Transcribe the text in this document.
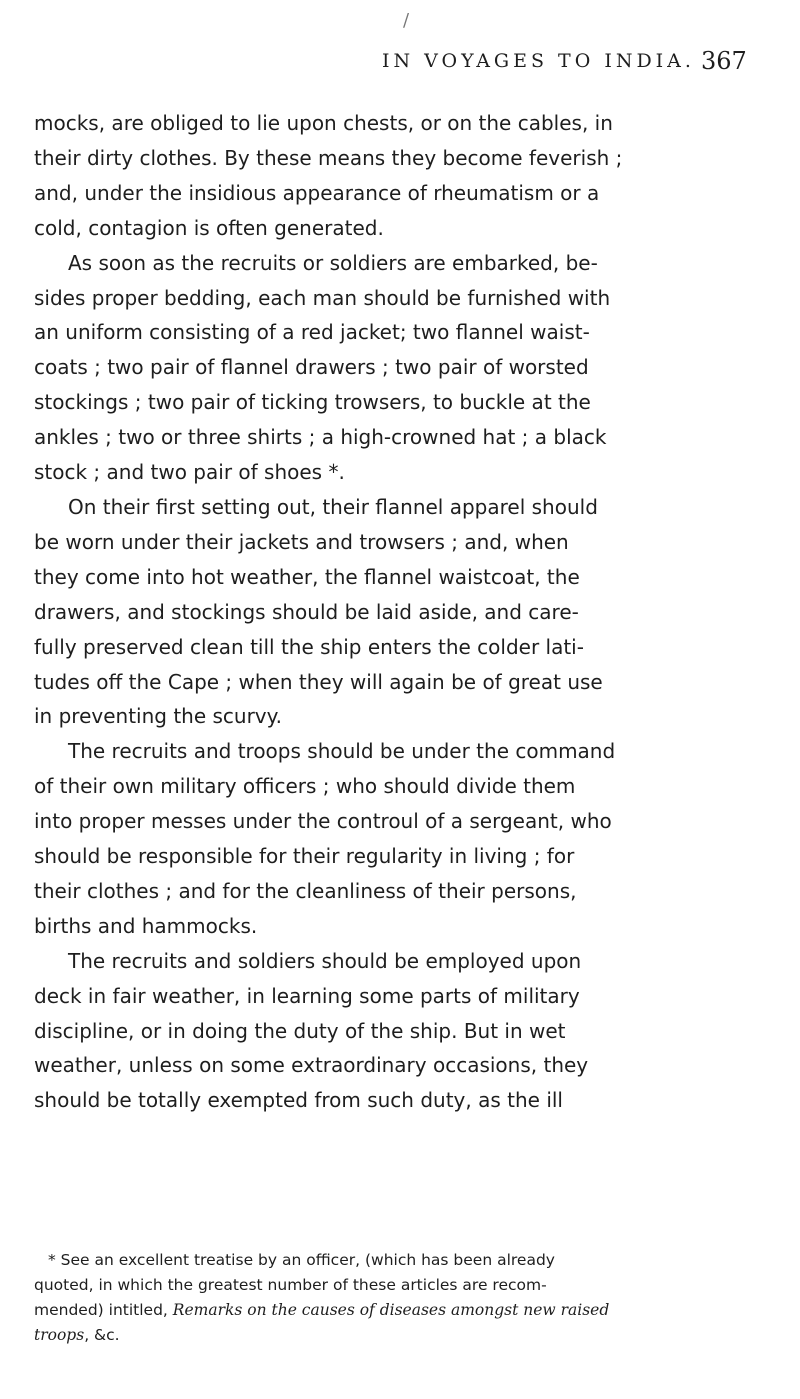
/
IN VOYAGES TO INDIA. 367
mocks, are obliged to lie upon chests, or on the cables, in
their dirty clothes. By these means they become feverish ;
and, under the insidious appearance of rheumatism or a
cold, contagion is often generated.
As soon as the recruits or soldiers are embarked, be-
sides proper bedding, each man should be furnished with
an uniform consisting of a red jacket; two flannel waist-
coats ; two pair of flannel drawers ; two pair of worsted
stockings ; two pair of ticking trowsers, to buckle at the
ankles ; two or three shirts ; a high-crowned hat ; a black
stock ; and two pair of shoes *.
On their first setting out, their flannel apparel should
be worn under their jackets and trowsers ; and, when
they come into hot weather, the flannel waistcoat, the
drawers, and stockings should be laid aside, and care-
fully preserved clean till the ship enters the colder lati-
tudes off the Cape ; when they will again be of great use
in preventing the scurvy.
The recruits and troops should be under the command
of their own military officers ; who should divide them
into proper messes under the controul of a sergeant, who
should be responsible for their regularity in living ; for
their clothes ; and for the cleanliness of their persons,
births and hammocks.
The recruits and soldiers should be employed upon
deck in fair weather, in learning some parts of military
discipline, or in doing the duty of the ship. But in wet
weather, unless on some extraordinary occasions, they
should be totally exempted from such duty, as the ill
* See an excellent treatise by an officer, (which has been already
quoted, in which the greatest number of these articles are recom-
mended) intitled, Remarks on the causes of diseases amongst new raised
troops, &c.
